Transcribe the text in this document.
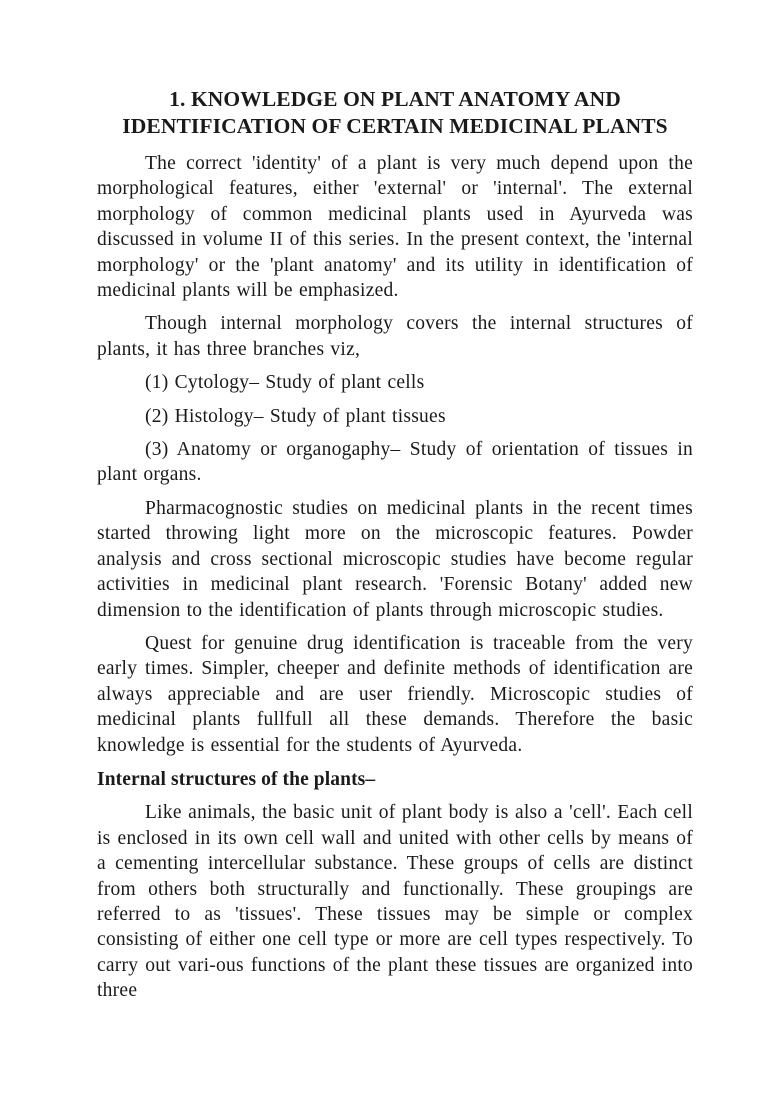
1. KNOWLEDGE ON PLANT ANATOMY AND
IDENTIFICATION OF CERTAIN MEDICINAL PLANTS

The correct 'identity' of a plant is very much depend upon the morphological features, either 'external' or 'internal'. The external morphology of common medicinal plants used in Ayurveda was discussed in volume II of this series. In the present context, the 'internal morphology' or the 'plant anatomy' and its utility in identification of medicinal plants will be emphasized.

Though internal morphology covers the internal structures of plants, it has three branches viz,

(1) Cytology– Study of plant cells

(2) Histology– Study of plant tissues

(3) Anatomy or organogaphy– Study of orientation of tissues in plant organs.

Pharmacognostic studies on medicinal plants in the recent times started throwing light more on the microscopic features. Powder analysis and cross sectional microscopic studies have become regular activities in medicinal plant research. 'Forensic Botany' added new dimension to the identification of plants through microscopic studies.

Quest for genuine drug identification is traceable from the very early times. Simpler, cheeper and definite methods of identification are always appreciable and are user friendly. Microscopic studies of medicinal plants fullfull all these demands. Therefore the basic knowledge is essential for the students of Ayurveda.

Internal structures of the plants–

Like animals, the basic unit of plant body is also a 'cell'. Each cell is enclosed in its own cell wall and united with other cells by means of a cementing intercellular substance. These groups of cells are distinct from others both structurally and functionally. These groupings are referred to as 'tissues'. These tissues may be simple or complex consisting of either one cell type or more are cell types respectively. To carry out vari-ous functions of the plant these tissues are organized into three
